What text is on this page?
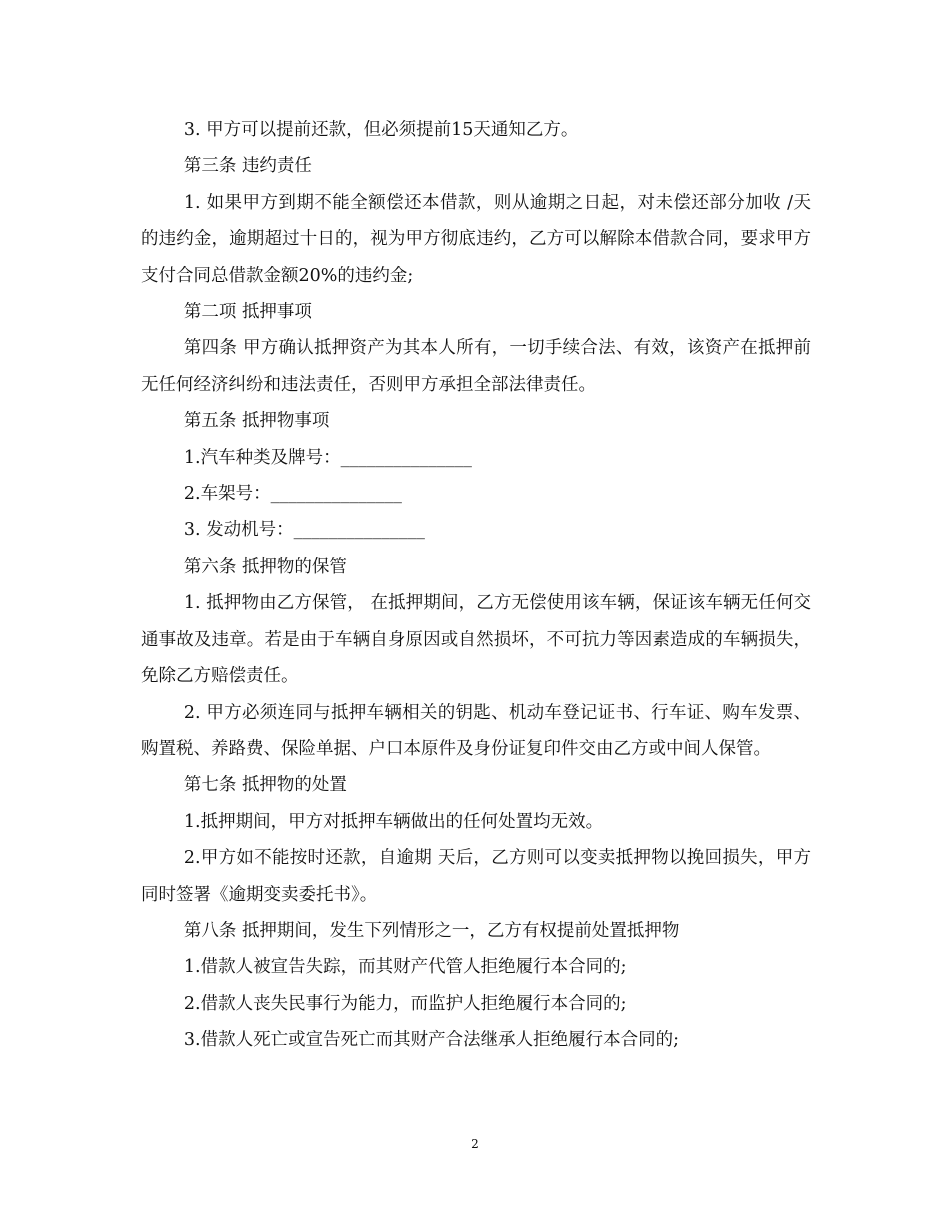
3. 甲方可以提前还款，但必须提前15天通知乙方。

第三条 违约责任

1. 如果甲方到期不能全额偿还本借款，则从逾期之日起，对未偿还部分加收 /天 的违约金，逾期超过十日的，视为甲方彻底违约，乙方可以解除本借款合同，要求甲方支付合同总借款金额20%的违约金;

第二项 抵押事项

第四条 甲方确认抵押资产为其本人所有，一切手续合法、有效，该资产在抵押前无任何经济纠纷和违法责任，否则甲方承担全部法律责任。

第五条 抵押物事项

1.汽车种类及牌号：_______________

2.车架号：_______________

3. 发动机号：_______________

第六条 抵押物的保管

1. 抵押物由乙方保管， 在抵押期间，乙方无偿使用该车辆，保证该车辆无任何交通事故及违章。若是由于车辆自身原因或自然损坏，不可抗力等因素造成的车辆损失，免除乙方赔偿责任。

2. 甲方必须连同与抵押车辆相关的钥匙、机动车登记证书、行车证、购车发票、购置税、养路费、保险单据、户口本原件及身份证复印件交由乙方或中间人保管。

第七条 抵押物的处置

1.抵押期间，甲方对抵押车辆做出的任何处置均无效。

2.甲方如不能按时还款，自逾期 天后，乙方则可以变卖抵押物以挽回损失，甲方同时签署《逾期变卖委托书》。

第八条 抵押期间，发生下列情形之一，乙方有权提前处置抵押物

1.借款人被宣告失踪，而其财产代管人拒绝履行本合同的;

2.借款人丧失民事行为能力，而监护人拒绝履行本合同的;

3.借款人死亡或宣告死亡而其财产合法继承人拒绝履行本合同的;

2
